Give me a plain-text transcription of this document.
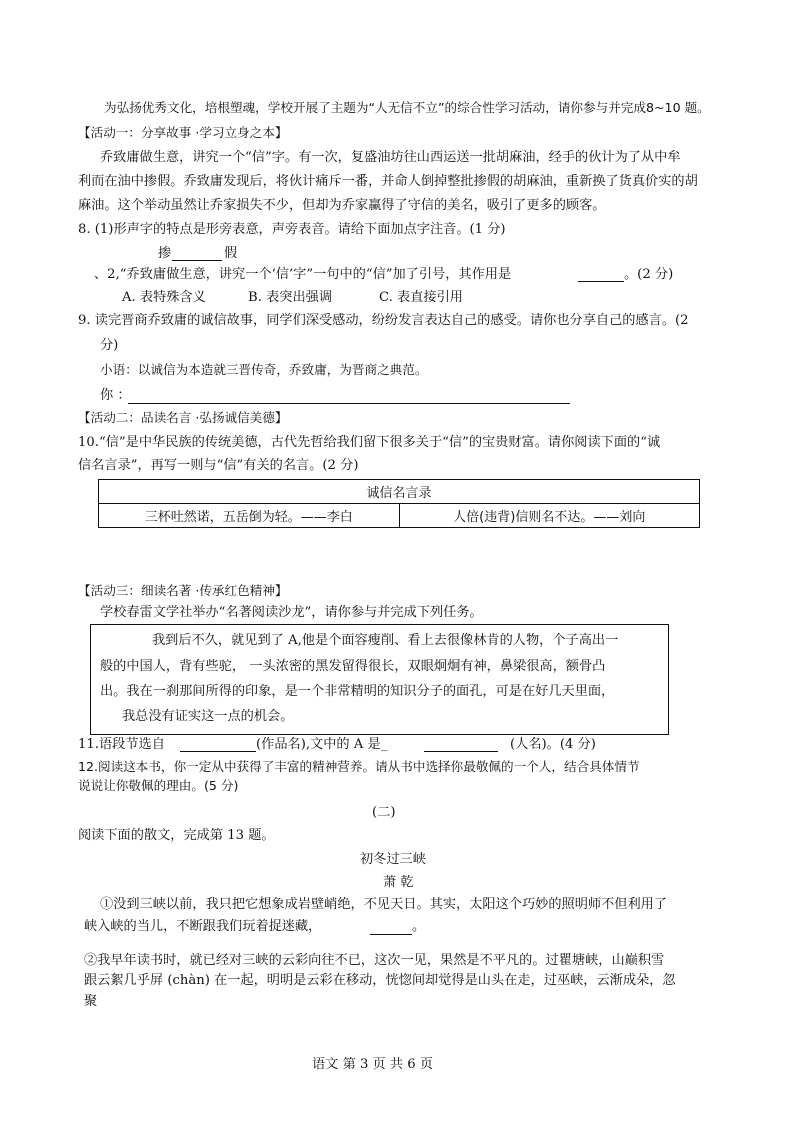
为弘扬优秀文化，培根塑魂，学校开展了主题为“人无信不立”的综合性学习活动，请你参与并完成8~10 题。
【活动一：分享故事 ·学习立身之本】
乔致庸做生意，讲究一个“信”字。有一次，复盛油坊往山西运送一批胡麻油，经手的伙计为了从中牟
利而在油中掺假。乔致庸发现后，将伙计痛斥一番，并命人倒掉整批掺假的胡麻油，重新换了货真价实的胡
麻油。这个举动虽然让乔家损失不少，但却为乔家赢得了守信的美名，吸引了更多的顾客。
8. (1)形声字的特点是形旁表意，声旁表音。请给下面加点字注音。(1 分)
掺	假
、2,“乔致庸做生意，讲究一个‘信’字”一句中的“信”加了引号，其作用是	。(2 分)
A. 表特殊含义	B. 表突出强调	C. 表直接引用
9. 读完晋商乔致庸的诚信故事，同学们深受感动，纷纷发言表达自己的感受。请你也分享自己的感言。(2
分)
小语：以诚信为本造就三晋传奇，乔致庸，为晋商之典范。
你 ：
【活动二：品读名言 ·弘扬诚信美德】
10.“信”是中华民族的传统美德，古代先哲给我们留下很多关于“信”的宝贵财富。请你阅读下面的“诚
信名言录”，再写一则与“信”有关的名言。(2 分)
诚信名言录
三杯吐然诺，五岳倒为轻。——李白	人倍(违背)信则名不达。——刘向
【活动三：细读名著 ·传承红色精神】
学校春雷文学社举办“名著阅读沙龙”，请你参与并完成下列任务。
我到后不久，就见到了 A,他是个面容瘦削、看上去很像林肯的人物，个子高出一
般的中国人，背有些驼， 一头浓密的黑发留得很长，双眼炯炯有神，鼻梁很高，额骨凸
出。我在一刹那间所得的印象，是一个非常精明的知识分子的面孔，可是在好几天里面，
我总没有证实这一点的机会。
11.语段节选自	(作品名),文中的 A 是_	(人名)。(4 分)
12.阅读这本书，你一定从中获得了丰富的精神营养。请从书中选择你最敬佩的一个人，结合具体情节
说说让你敬佩的理由。(5 分)
(二)
阅读下面的散文，完成第 13 题。
初冬过三峡
萧 乾
①没到三峡以前，我只把它想象成岩壁峭绝，不见天日。其实，太阳这个巧妙的照明师不但利用了
峡入峡的当儿，不断跟我们玩着捉迷藏，	。
②我早年读书时，就已经对三峡的云彩向往不已，这次一见，果然是不平凡的。过瞿塘峡，山巅积雪
跟云絮几乎屏 (chàn) 在一起，明明是云彩在移动，恍惚间却觉得是山头在走，过巫峡，云渐成朵，忽
聚
语文 第 3 页 共 6 页
